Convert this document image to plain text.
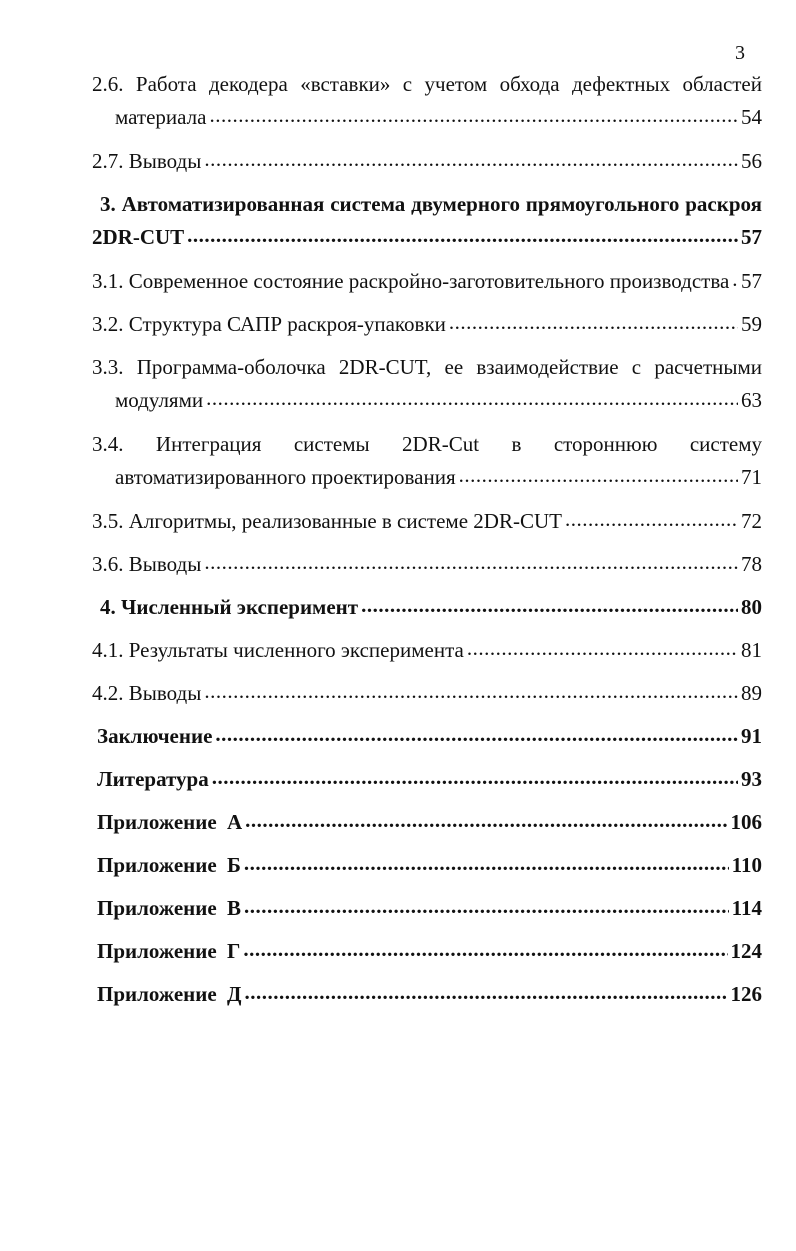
3
2.6. Работа декодера «вставки» с учетом обхода дефектных областей
материала .....	54
2.7. Выводы .....	56
3. Автоматизированная система двумерного прямоугольного раскроя
2DR-CUT .....	57
3.1. Современное состояние раскройно-заготовительного производства ..... 57
3.2. Структура САПР раскроя-упаковки .....	59
3.3. Программа-оболочка 2DR-CUT, ее взаимодействие с расчетными
модулями .....	63
3.4. Интеграция системы 2DR-Cut в стороннюю систему
автоматизированного проектирования .....	71
3.5. Алгоритмы, реализованные в системе 2DR-CUT .....	72
3.6. Выводы .....	78
4. Численный эксперимент .....	80
4.1. Результаты численного эксперимента .....	81
4.2. Выводы .....	89
Заключение .....	91
Литература .....	93
Приложение А .....	106
Приложение Б .....	110
Приложение В .....	114
Приложение Г .....	124
Приложение Д .....	126
